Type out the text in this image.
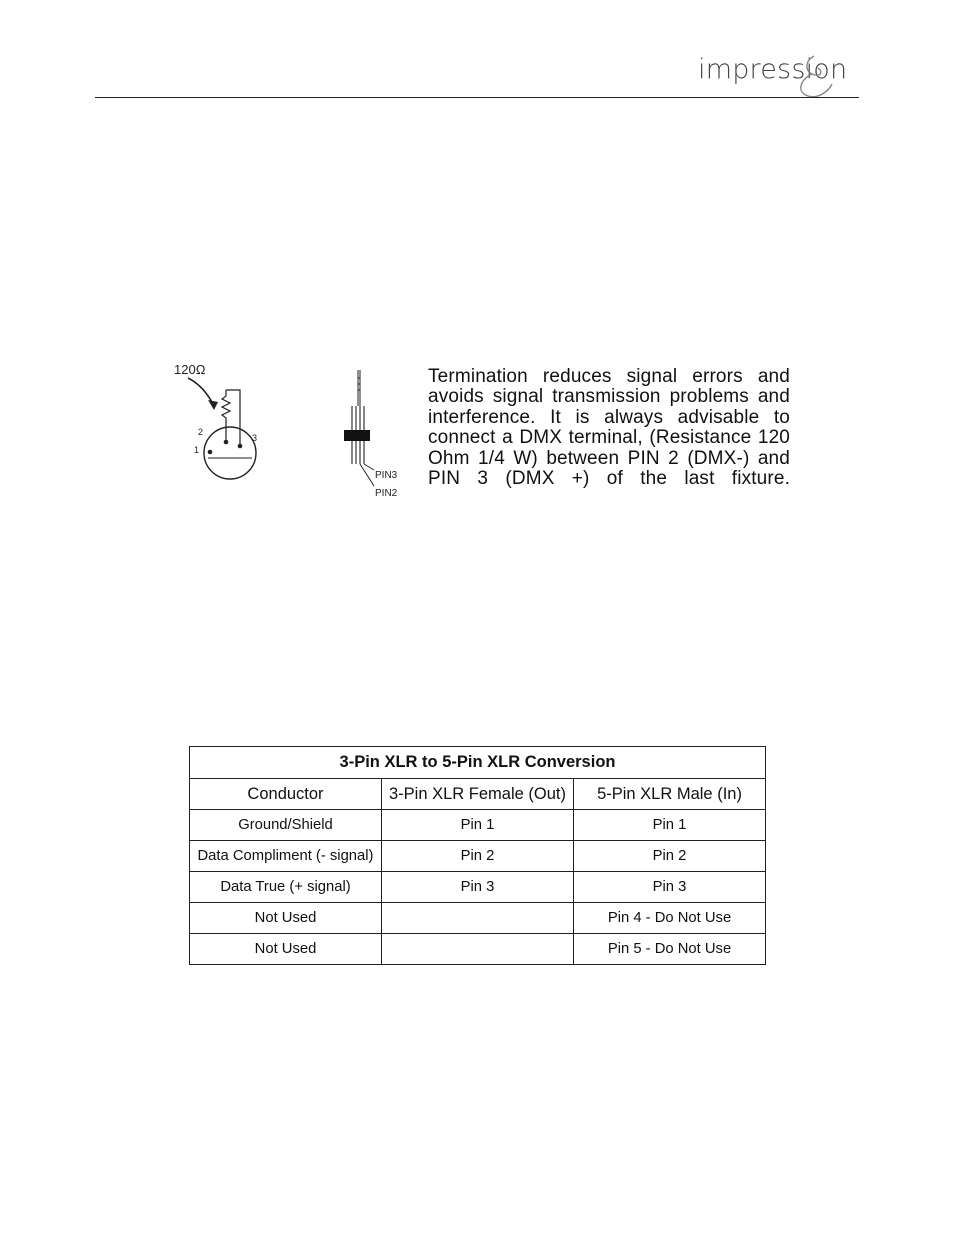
impression
120Ω
2
3
1
PIN3
PIN2
Termination reduces signal errors and avoids signal transmission problems and interference. It is always advisable to connect a DMX terminal, (Resistance 120 Ohm 1/4 W) between PIN 2 (DMX-) and PIN 3 (DMX +) of the last fixture.
3-Pin XLR to 5-Pin XLR Conversion		
Conductor	3-Pin XLR Female (Out)	5-Pin XLR Male (In)
Ground/Shield	Pin 1	Pin 1
Data Compliment (- signal)	Pin 2	Pin 2
Data True (+ signal)	Pin 3	Pin 3
Not Used		Pin 4 - Do Not Use
Not Used		Pin 5 - Do Not Use
